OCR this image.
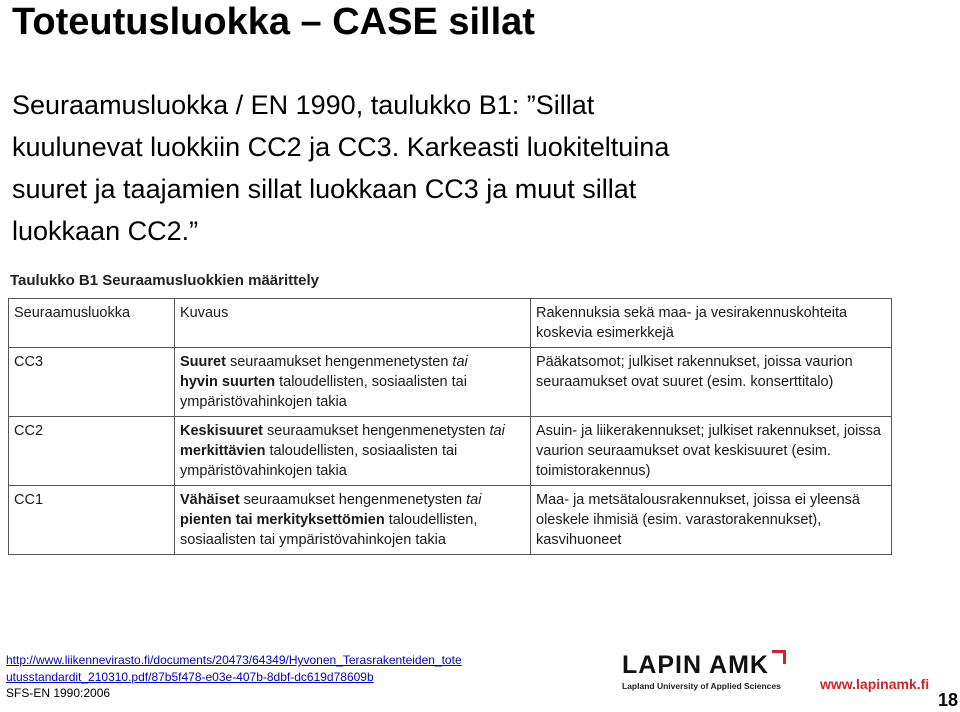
Toteutusluokka – CASE sillat
Seuraamusluokka / EN 1990, taulukko B1: ”Sillat
kuulunevat luokkiin CC2 ja CC3. Karkeasti luokiteltuina
suuret ja taajamien sillat luokkaan CC3 ja muut sillat
luokkaan CC2.”
Taulukko B1 Seuraamusluokkien määrittely
Seuraamusluokka	Kuvaus	Rakennuksia sekä maa- ja vesirakennuskohteita koskevia esimerkkejä
CC3	Suuret seuraamukset hengenmenetysten tai
hyvin suurten taloudellisten, sosiaalisten tai ympäristövahinkojen takia	Pääkatsomot; julkiset rakennukset, joissa vaurion seuraamukset ovat suuret (esim. konserttitalo)
CC2	Keskisuuret seuraamukset hengenmenetysten tai
merkittävien taloudellisten, sosiaalisten tai ympäristövahinkojen takia	Asuin- ja liikerakennukset; julkiset rakennukset, joissa vaurion seuraamukset ovat keskisuuret (esim. toimistorakennus)
CC1	Vähäiset seuraamukset hengenmenetysten tai
pienten tai merkityksettömien taloudellisten, sosiaalisten tai ympäristövahinkojen takia	Maa- ja metsätalousrakennukset, joissa ei yleensä oleskele ihmisiä (esim. varastorakennukset), kasvihuoneet
http://www.liikennevirasto.fi/documents/20473/64349/Hyvonen_Terasrakenteiden_tote
utusstandardit_210310.pdf/87b5f478-e03e-407b-8dbf-dc619d78609b
SFS-EN 1990:2006
LAPIN AMK
Lapland University of Applied Sciences	www.lapinamk.fi
18
